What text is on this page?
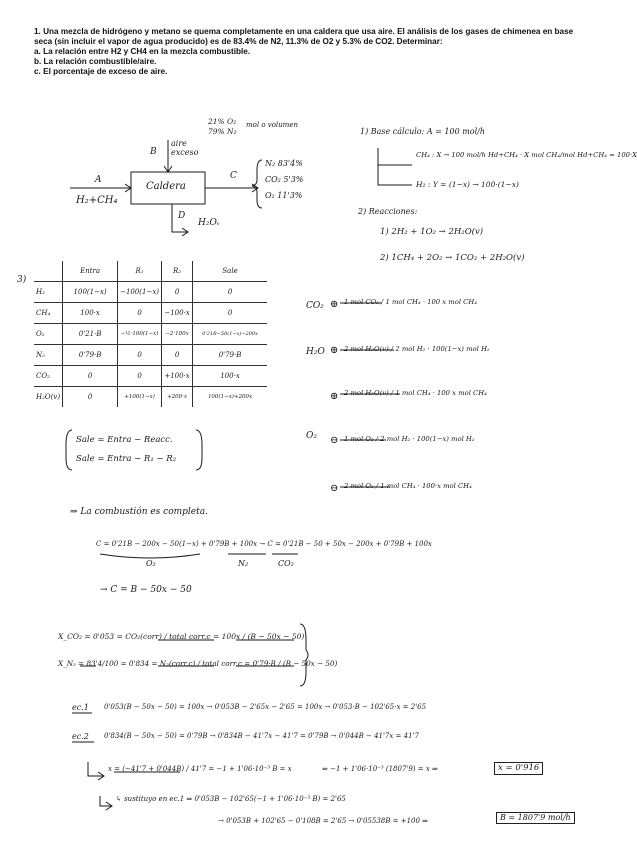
1. Una mezcla de hidrógeno y metano se quema completamente en una caldera que usa aire. El análisis de los gases de chimenea en base seca (sin incluir el vapor de agua producido) es de 83.4% de N2, 11.3% de O2 y 5.3% de CO2. Determinar:
a. La relación entre H2 y CH4 en la mezcla combustible.
b. La relación combustible/aire.
c. El porcentaje de exceso de aire.
A
H₂+CH₄
B
aire exceso
21% O₂
79% N₂
mol o volumen
Caldera
C
N₂ 83'4%
CO₂ 5'3%
O₂ 11'3%
D
H₂Oᵥ
1) Base cálculo: A = 100 mol/h
CH₄ : X → 100 mol/h Hd+CH₄ · X mol CH₄/mol Hd+CH₄ = 100·X
H₂ : Y = (1−x) → 100·(1−x)
2) Reacciones:
1) 2H₂ + 1O₂ → 2H₂O(v)
2) 1CH₄ + 2O₂ → 1CO₂ + 2H₂O(v)
3)
	Entra	R₁	R₂	Sale
H₂	100(1−x)	−100(1−x)	0	0
CH₄	100·x	0	−100·x	0
O₂	0'21·B	−½·100(1−x)	−2·100x	0'21B−50(1−x)−200x
N₂	0'79·B	0	0	0'79·B
CO₂	0	0	+100·x	100·x
H₂O(v)	0	+100(1−x)	+200·x	100(1−x)+200x
Sale = Entra − Reacc.
Sale = Entra − R₁ − R₂
CO₂ ⊕ 1 mol CO₂ / 1 mol CH₄ · 100 x mol CH₄
H₂O ⊕ 2 mol H₂O(v) / 2 mol H₂ · 100(1−x) mol H₂
⊕ 2 mol H₂O(v) / 1 mol CH₄ · 100 x mol CH₄
O₂ ⊖ 1 mol O₂ / 2 mol H₂ · 100(1−x) mol H₂
⊖ 2 mol O₂ / 1 mol CH₄ · 100·x mol CH₄
⇒ La combustión es completa.
C = 0'21B − 200x − 50(1−x) + 0'79B + 100x → C = 0'21B − 50 + 50x − 200x + 0'79B + 100x
O₂	N₂	CO₂
→ C = B − 50x − 50
X_CO₂ = 0'053 = CO₂(corr) / total corr.c = 100x / (B − 50x − 50)
X_N₂ = 83'4/100 = 0'834 = N₂(corr.c) / total corr.c = 0'79·B / (B − 50x − 50)
ec.1 0'053(B − 50x − 50) = 100x → 0'053B − 2'65x − 2'65 = 100x → 0'053·B − 102'65·x = 2'65
ec.2 0'834(B − 50x − 50) = 0'79B → 0'834B − 41'7x − 41'7 = 0'79B → 0'044B − 41'7x = 41'7
x = (−41'7 + 0'044B) / 41'7 = −1 + 1'06·10⁻³ B = x	⇒ −1 + 1'06·10⁻³ (1807'9) = x ⇒	x = 0'916
↳ sustituyo en ec.1 ⇒ 0'053B − 102'65(−1 + 1'06·10⁻³ B) = 2'65
→ 0'053B + 102'65 − 0'108B = 2'65 → 0'05538B = +100 ⇒	B = 1807'9 mol/h
